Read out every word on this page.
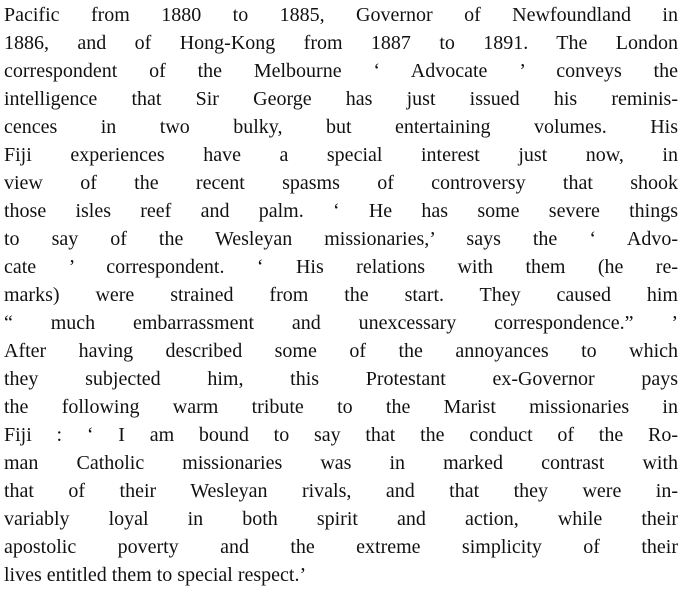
Pacific from 1880 to 1885, Governor of Newfoundland in
1886, and of Hong-Kong from 1887 to 1891. The London
correspondent of the Melbourne ‘ Advocate ’ conveys the
intelligence that Sir George has just issued his reminis-
cences in two bulky, but entertaining volumes. His
Fiji experiences have a special interest just now, in
view of the recent spasms of controversy that shook
those isles reef and palm. ‘ He has some severe things
to say of the Wesleyan missionaries,’ says the ‘ Advo-
cate ’ correspondent. ‘ His relations with them (he re-
marks) were strained from the start. They caused him
“ much embarrassment and unexcessary correspondence.” ’
After having described some of the annoyances to which
they subjected him, this Protestant ex-Governor pays
the following warm tribute to the Marist missionaries in
Fiji : ‘ I am bound to say that the conduct of the Ro-
man Catholic missionaries was in marked contrast with
that of their Wesleyan rivals, and that they were in-
variably loyal in both spirit and action, while their
apostolic poverty and the extreme simplicity of their
lives entitled them to special respect.’
